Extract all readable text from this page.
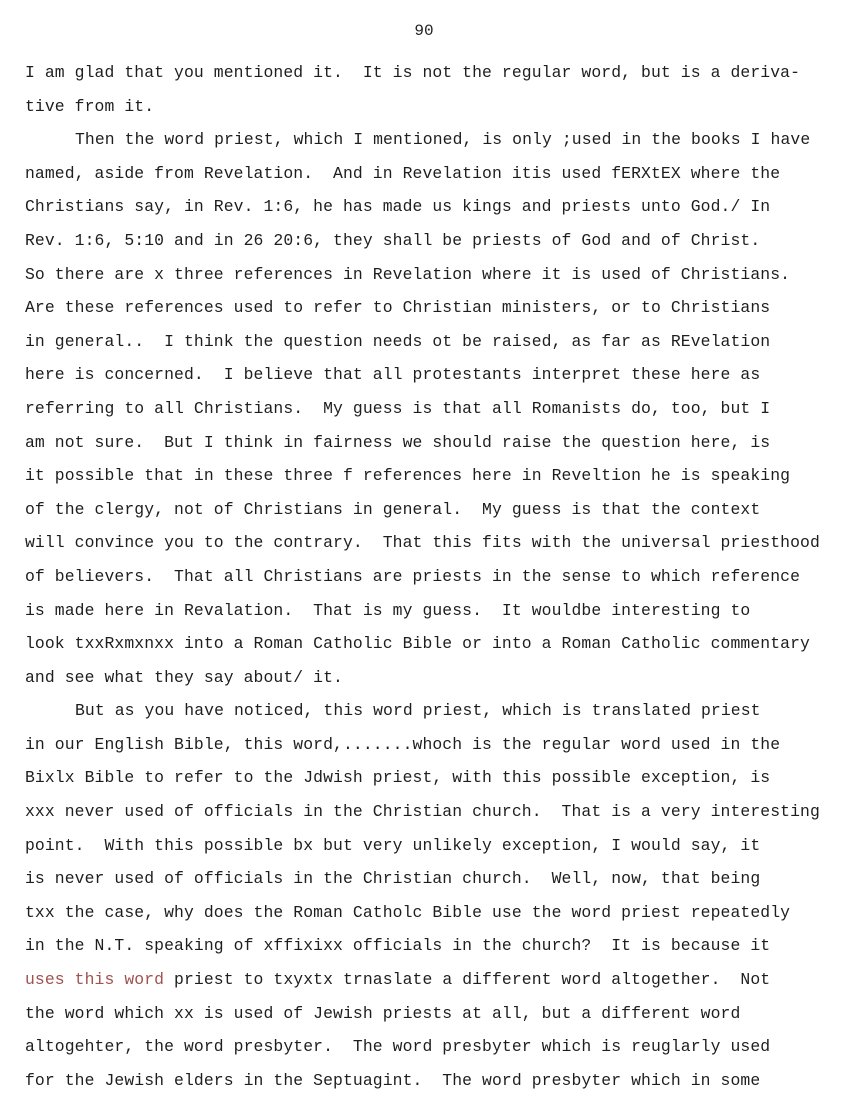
90
I am glad that you mentioned it.  It is not the regular word, but is a deriva-
tive from it.
Then the word priest, which I mentioned, is only ;used in the books I have
named, aside from Revelation.  And in Revelation itis used fERXtEX where the
Christians say, in Rev. 1:6, he has made us kings and priests unto God./ In
Rev. 1:6, 5:10 and in 26 20:6, they shall be priests of God and of Christ.
So there are x three references in Revelation where it is used of Christians.
Are these references used to refer to Christian ministers, or to Christians
in general..  I think the question needs ot be raised, as far as REvelation
here is concerned.  I believe that all protestants interpret these here as
referring to all Christians.  My guess is that all Romanists do, too, but I
am not sure.  But I think in fairness we should raise the question here, is
it possible that in these three f references here in Reveltion he is speaking
of the clergy, not of Christians in general.  My guess is that the context
will convince you to the contrary.  That this fits with the universal priesthood
of believers.  That all Christians are priests in the sense to which reference
is made here in Revalation.  That is my guess.  It wouldbe interesting to
look txxRxmxnxx into a Roman Catholic Bible or into a Roman Catholic commentary
and see what they say about/ it.
But as you have noticed, this word priest, which is translated priest
in our English Bible, this word,.......whoch is the regular word used in the
Bixlx Bible to refer to the Jdwish priest, with this possible exception, is
xxx never used of officials in the Christian church.  That is a very interesting
point.  With this possible bx but very unlikely exception, I would say, it
is never used of officials in the Christian church.  Well, now, that being
txx the case, why does the Roman Catholc Bible use the word priest repeatedly
in the N.T. speaking of xffixixx officials in the church?  It is because it
uses this word priest to txyxtx trnaslate a different word altogether.  Not
the word which xx is used of Jewish priests at all, but a different word
altogehter, the word presbyter.  The word presbyter which is reuglarly used
for the Jewish elders in the Septuagint.  The word presbyter which in some
